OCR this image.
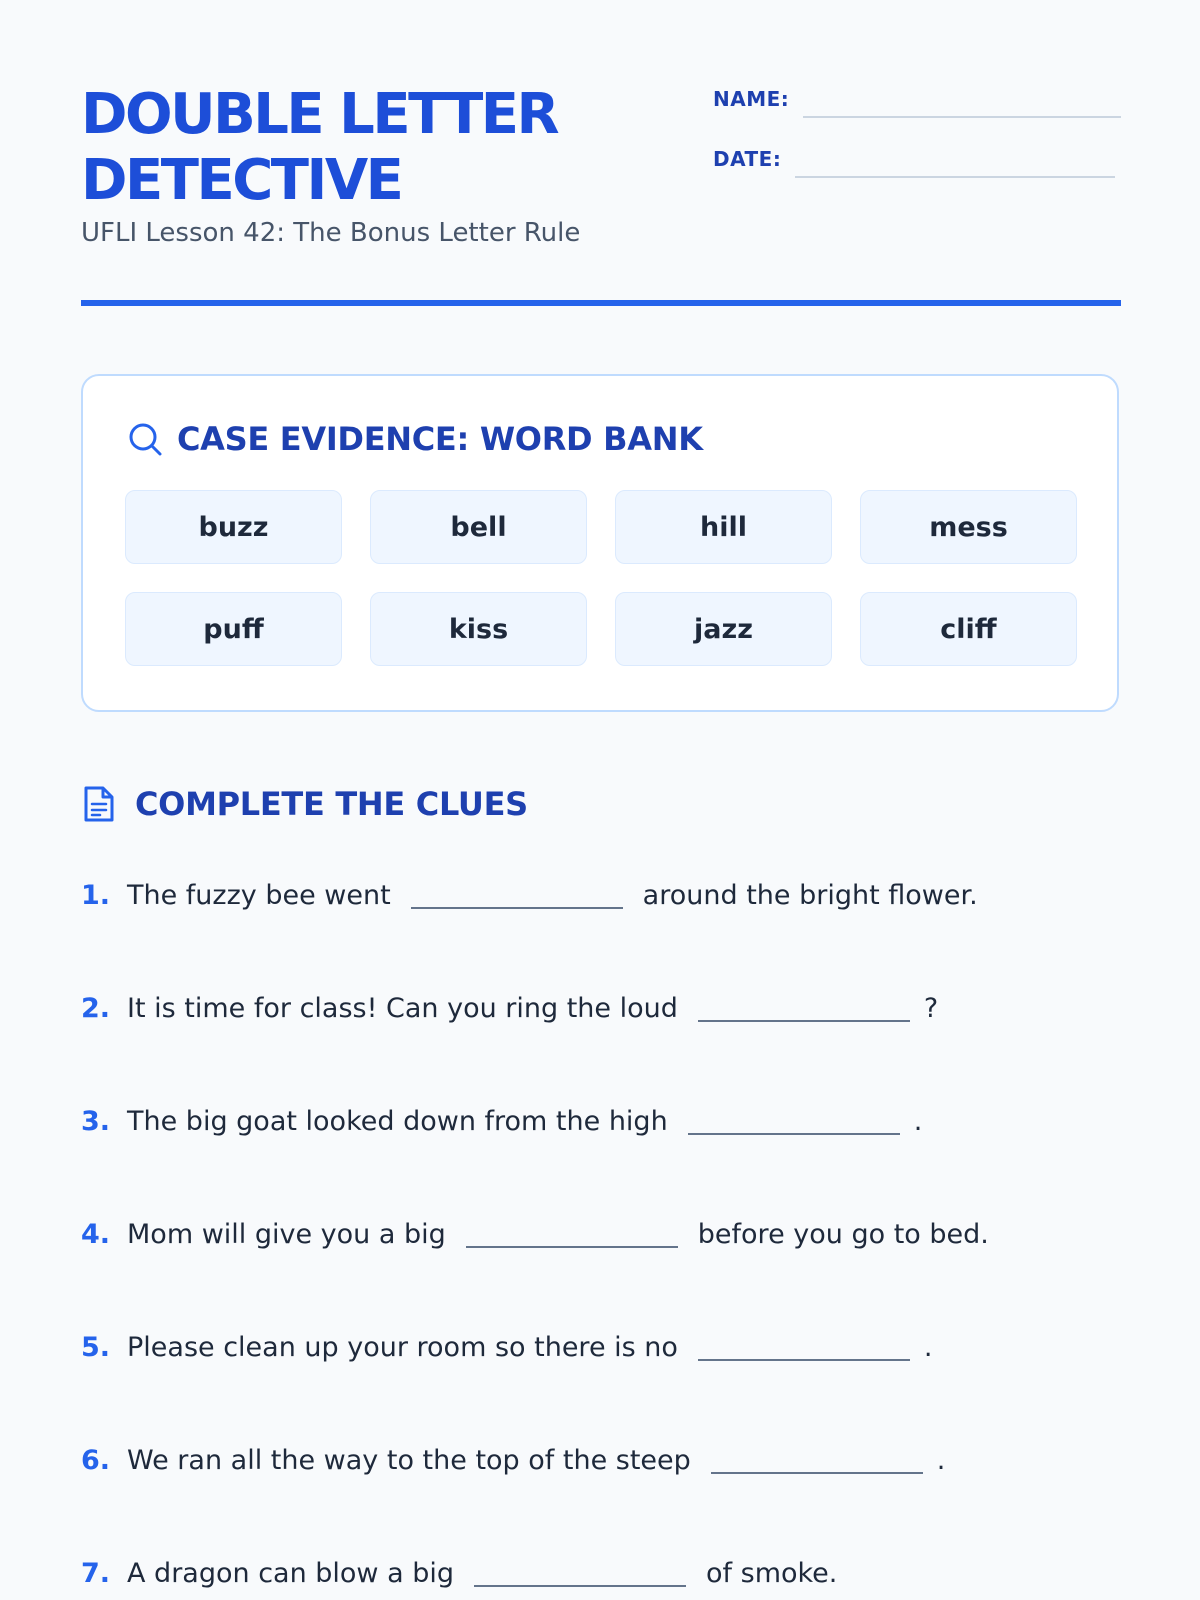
DOUBLE LETTER DETECTIVE
UFLI Lesson 42: The Bonus Letter Rule
NAME:
DATE:
CASE EVIDENCE: WORD BANK
buzz	bell	hill	mess
puff	kiss	jazz	cliff
COMPLETE THE CLUES
1. The fuzzy bee went	around the bright flower.
2. It is time for class! Can you ring the loud	?
3. The big goat looked down from the high	.
4. Mom will give you a big	before you go to bed.
5. Please clean up your room so there is no	.
6. We ran all the way to the top of the steep	.
7. A dragon can blow a big	of smoke.
